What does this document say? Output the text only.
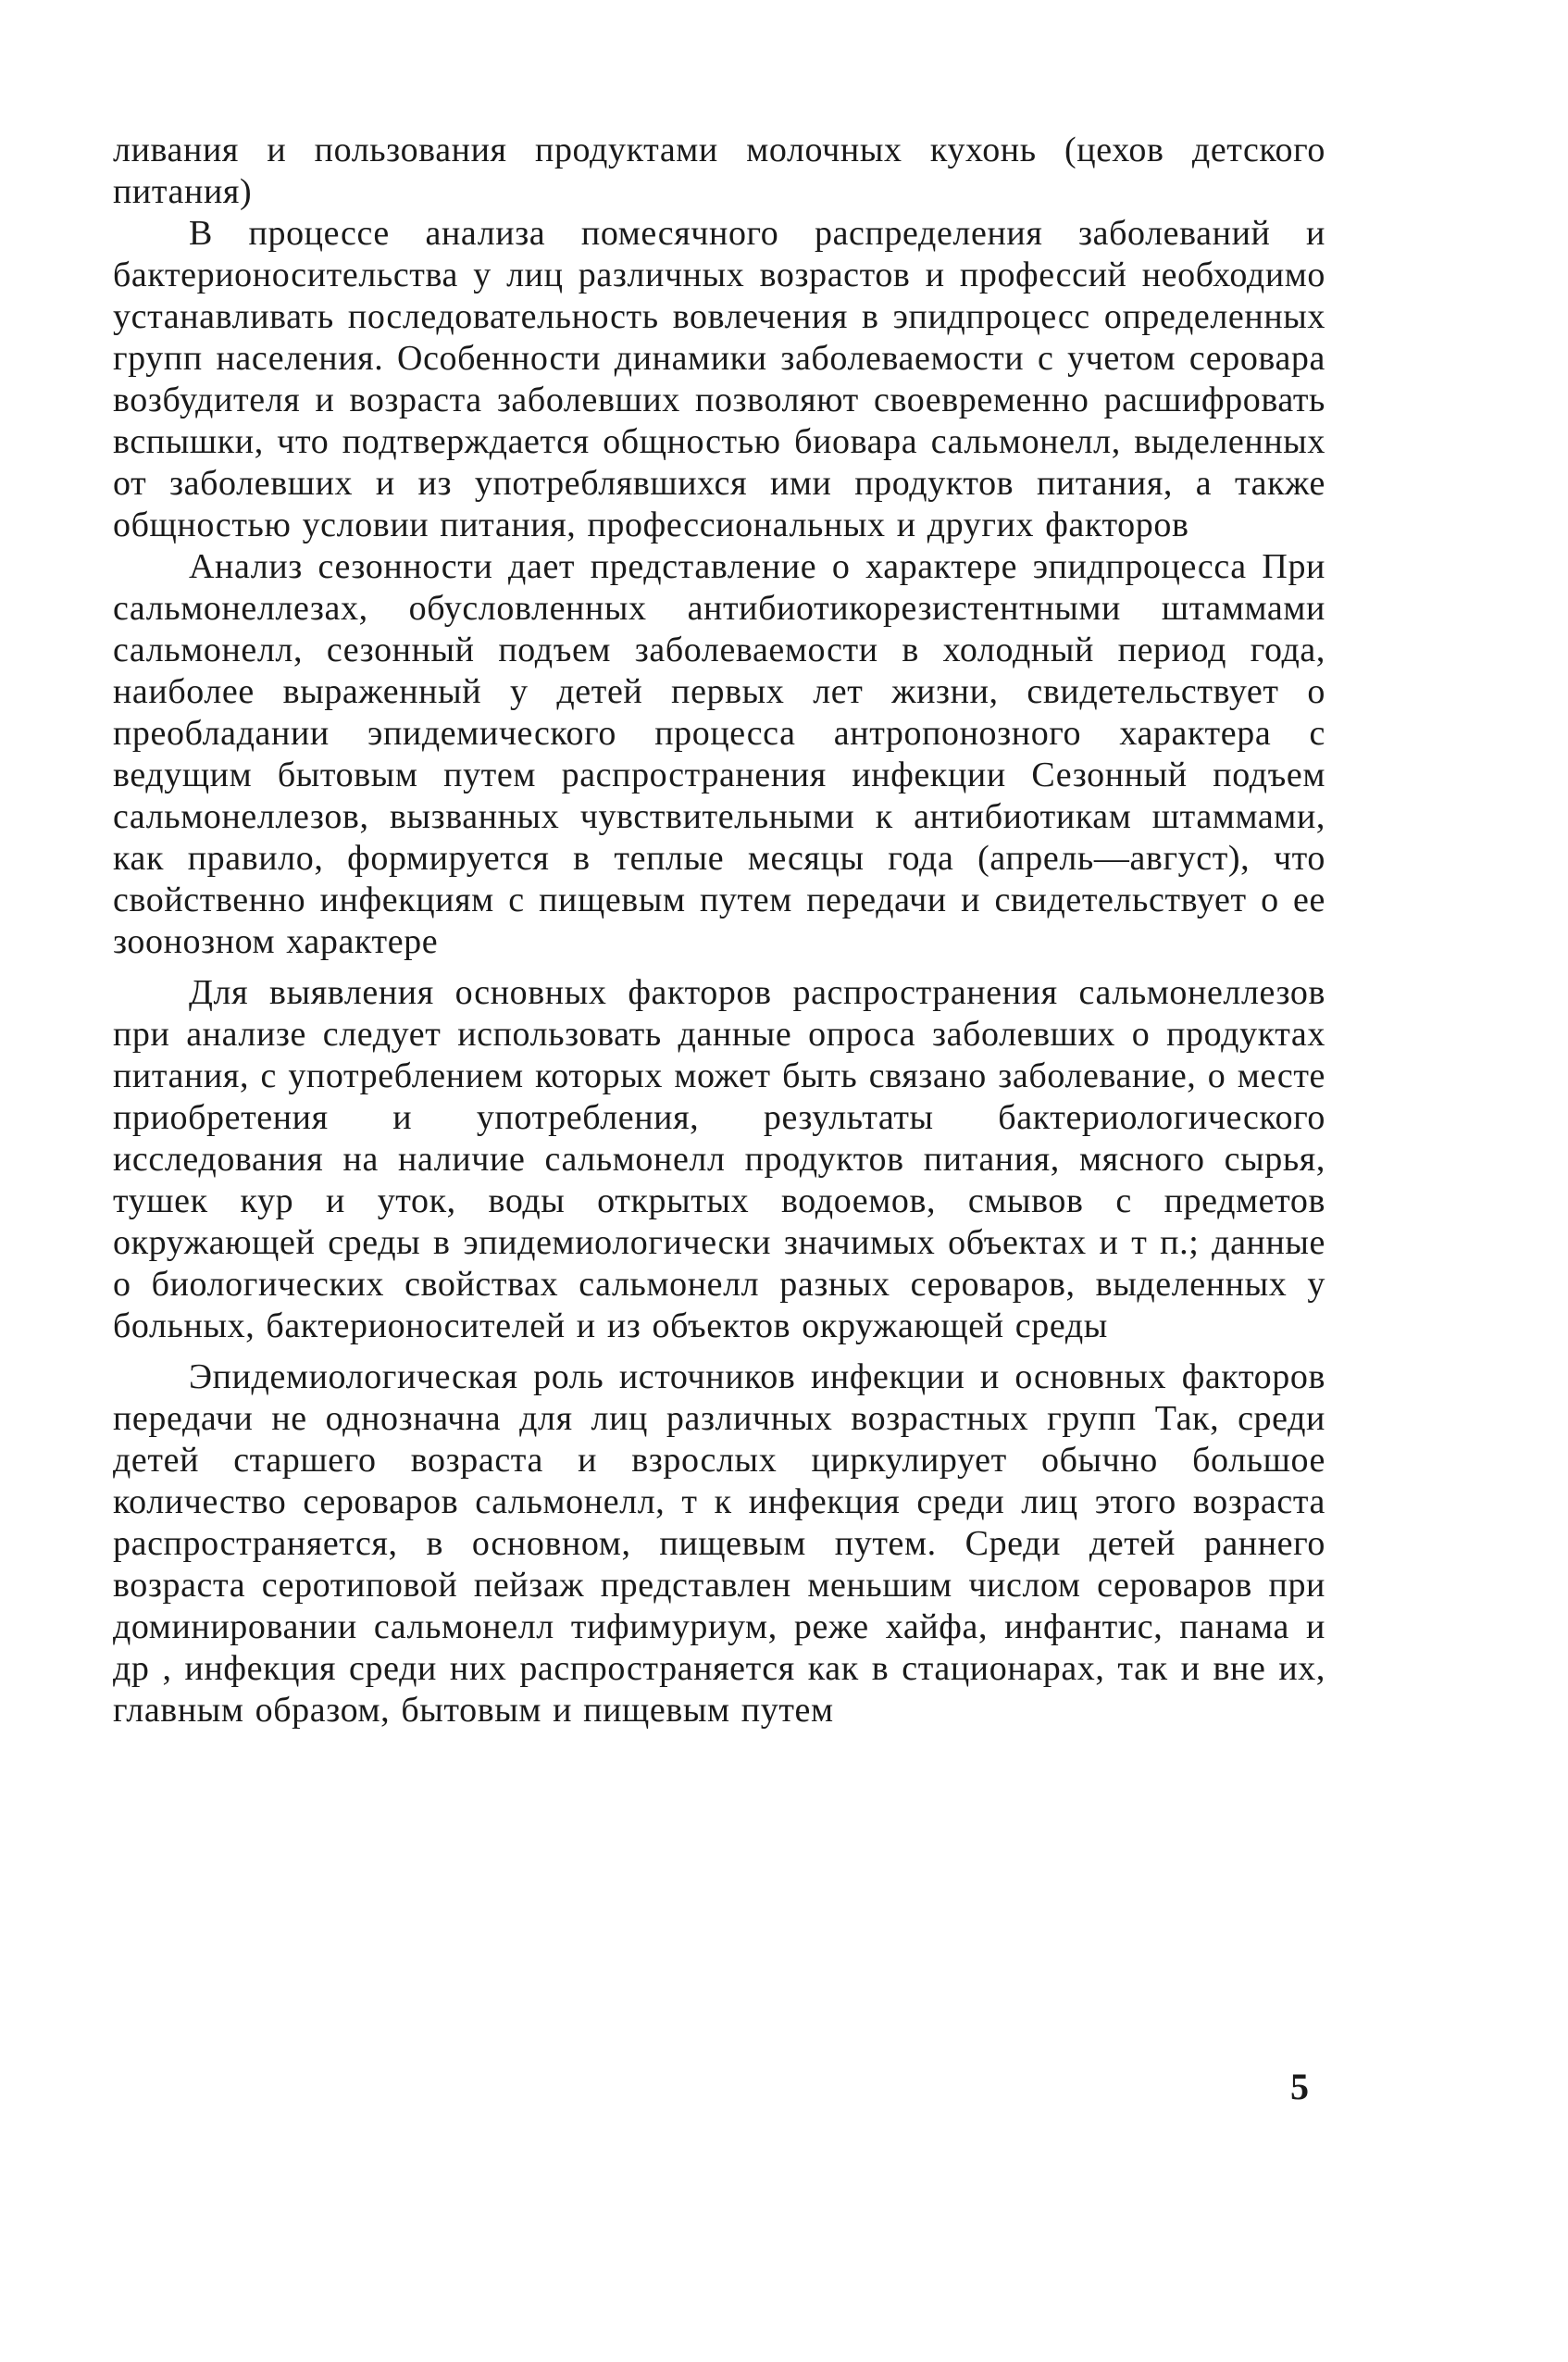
ливания и пользования продуктами молочных кухонь (цехов детского питания)

В процессе анализа помесячного распределения заболеваний и бактерионосительства у лиц различных возрастов и профессий необходимо устанавливать последовательность вовлечения в эпидпроцесс определенных групп населения. Особенности динамики заболеваемости с учетом серовара возбудителя и возраста заболевших позволяют своевременно расшифровать вспышки, что подтверждается общностью биовара сальмонелл, выделенных от заболевших и из употреблявшихся ими продуктов питания, а также общностью условии питания, профессиональных и других факторов

Анализ сезонности дает представление о характере эпидпроцесса При сальмонеллезах, обусловленных антибиотикорезистентными штаммами сальмонелл, сезонный подъем заболеваемости в холодный период года, наиболее выраженный у детей первых лет жизни, свидетельствует о преобладании эпидемического процесса антропонозного характера с ведущим бытовым путем распространения инфекции Сезонный подъем сальмонеллезов, вызванных чувствительными к антибиотикам штаммами, как правило, формируется в теплые месяцы года (апрель—август), что свойственно инфекциям с пищевым путем передачи и свидетельствует о ее зоонозном характере

Для выявления основных факторов распространения сальмонеллезов при анализе следует использовать данные опроса заболевших о продуктах питания, с употреблением которых может быть связано заболевание, о месте приобретения и употребления, результаты бактериологического исследования на наличие сальмонелл продуктов питания, мясного сырья, тушек кур и уток, воды открытых водоемов, смывов с предметов окружающей среды в эпидемиологически значимых объектах и т п.; данные о биологических свойствах сальмонелл разных сероваров, выделенных у больных, бактерионосителей и из объектов окружающей среды

Эпидемиологическая роль источников инфекции и основных факторов передачи не однозначна для лиц различных возрастных групп Так, среди детей старшего возраста и взрослых циркулирует обычно большое количество сероваров сальмонелл, т к инфекция среди лиц этого возраста распространяется, в основном, пищевым путем. Среди детей раннего возраста серотиповой пейзаж представлен меньшим числом сероваров при доминировании сальмонелл тифимуриум, реже хайфа, инфантис, панама и др , инфекция среди них распространяется как в стационарах, так и вне их, главным образом, бытовым и пищевым путем

5
